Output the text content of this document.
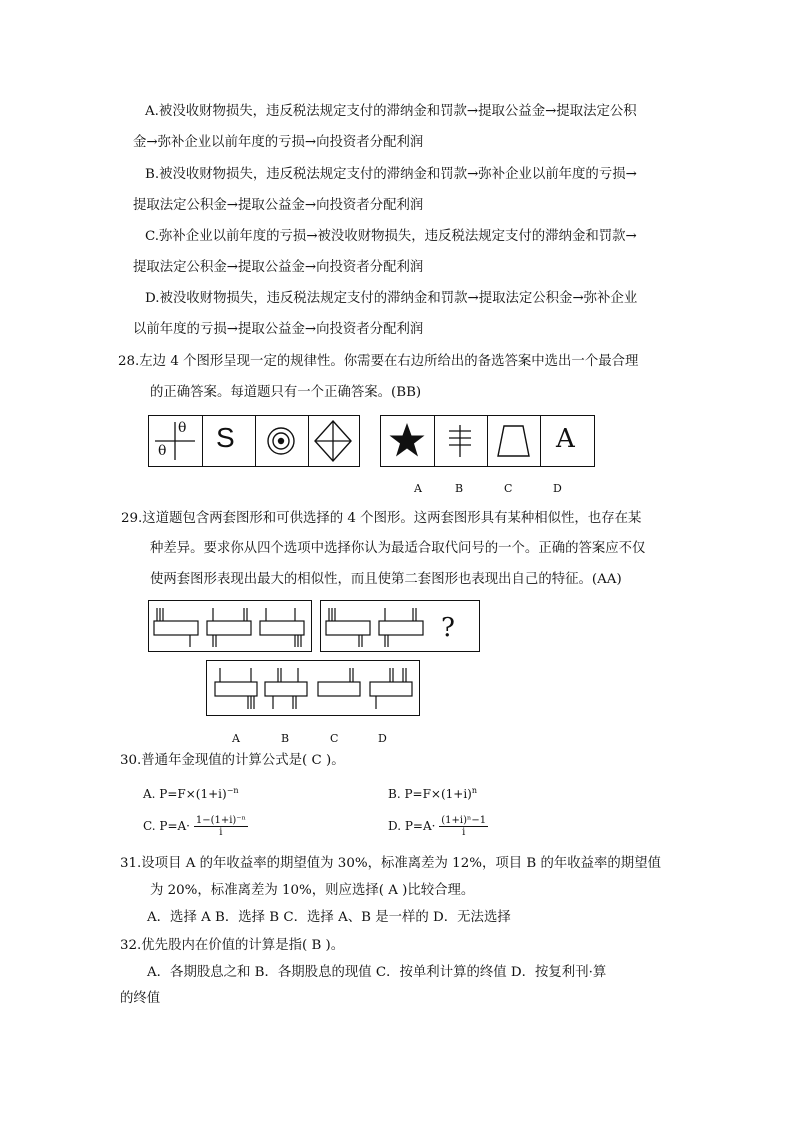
A.被没收财物损失，违反税法规定支付的滞纳金和罚款→提取公益金→提取法定公积
金→弥补企业以前年度的亏损→向投资者分配利润
B.被没收财物损失，违反税法规定支付的滞纳金和罚款→弥补企业以前年度的亏损→
提取法定公积金→提取公益金→向投资者分配利润
C.弥补企业以前年度的亏损→被没收财物损失，违反税法规定支付的滞纳金和罚款→
提取法定公积金→提取公益金→向投资者分配利润
D.被没收财物损失，违反税法规定支付的滞纳金和罚款→提取法定公积金→弥补企业
以前年度的亏损→提取公益金→向投资者分配利润
28.左边 4 个图形呈现一定的规律性。你需要在右边所给出的备选答案中选出一个最合理
的正确答案。每道题只有一个正确答案。(BB)
θ
θ S	A
A	B	C	D
29.这道题包含两套图形和可供选择的 4 个图形。这两套图形具有某种相似性，也存在某
种差异。要求你从四个选项中选择你认为最适合取代问号的一个。正确的答案应不仅
使两套图形表现出最大的相似性，而且使第二套图形也表现出自己的特征。(AA)
?
A	B	C	D
30.普通年金现值的计算公式是( C )。
A. $P=F\times(1+i)^{-n}$	B. $P=F\times(1+i)^n$
C. $P=A\cdot \frac{\text{1−(1+i)⁻ⁿ}}{i}$	D. $P=A\cdot \frac{\text{(1+i)ⁿ−1}}{i}$
31.设项目 A 的年收益率的期望值为 30%，标准离差为 12%，项目 B 的年收益率的期望值
为 20%，标准离差为 10%，则应选择( A )比较合理。
A．选择 A B．选择 B C．选择 A、B 是一样的 D．无法选择
32.优先股内在价值的计算是指( B )。
A．各期股息之和 B．各期股息的现值 C．按单利计算的终值 D．按复利刊·算
的终值
